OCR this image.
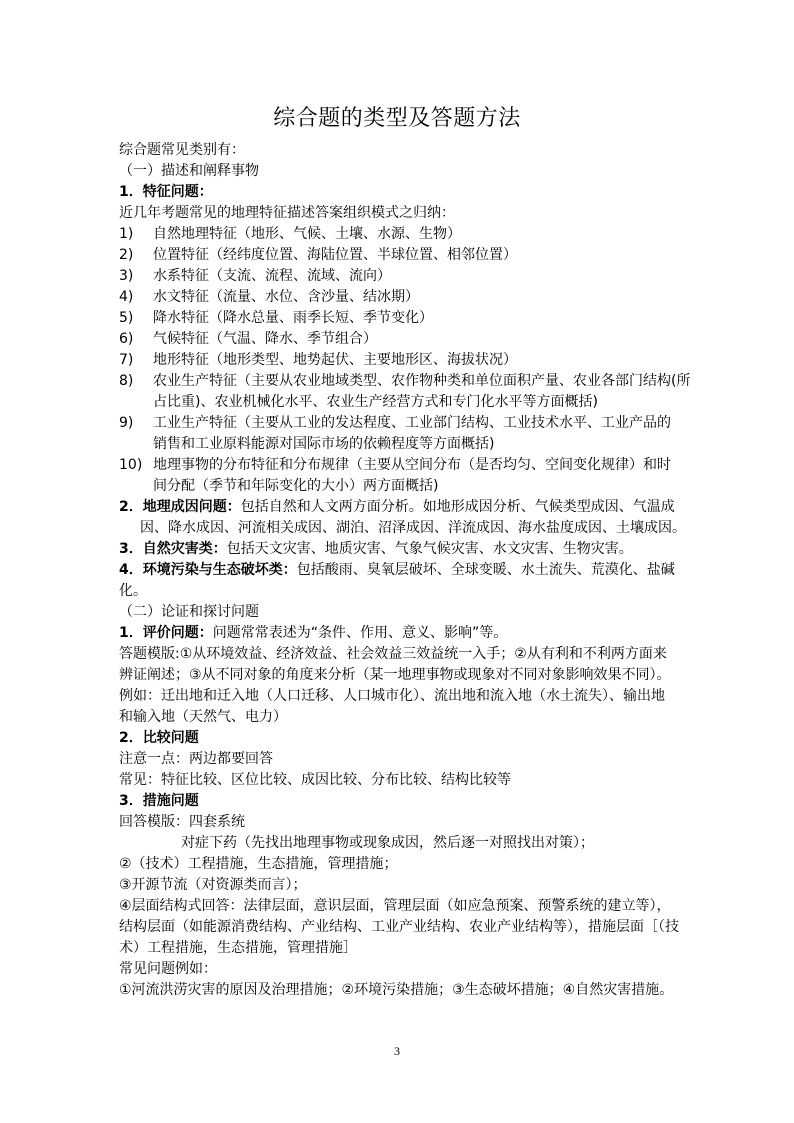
综合题的类型及答题方法
综合题常见类别有：
（一）描述和阐释事物
1．特征问题：
近几年考题常见的地理特征描述答案组织模式之归纳：
1) 自然地理特征（地形、气候、土壤、水源、生物）
2) 位置特征（经纬度位置、海陆位置、半球位置、相邻位置）
3) 水系特征（支流、流程、流域、流向）
4) 水文特征（流量、水位、含沙量、结冰期）
5) 降水特征（降水总量、雨季长短、季节变化）
6) 气候特征（气温、降水、季节组合）
7) 地形特征（地形类型、地势起伏、主要地形区、海拔状况）
8) 农业生产特征（主要从农业地域类型、农作物种类和单位面积产量、农业各部门结构(所
占比重)、农业机械化水平、农业生产经营方式和专门化水平等方面概括)
9) 工业生产特征（主要从工业的发达程度、工业部门结构、工业技术水平、工业产品的
销售和工业原料能源对国际市场的依赖程度等方面概括)
10) 地理事物的分布特征和分布规律（主要从空间分布（是否均匀、空间变化规律）和时
间分配（季节和年际变化的大小）两方面概括)
2．地理成因问题：包括自然和人文两方面分析。如地形成因分析、气候类型成因、气温成
因、降水成因、河流相关成因、湖泊、沼泽成因、洋流成因、海水盐度成因、土壤成因。
3．自然灾害类：包括天文灾害、地质灾害、气象气候灾害、水文灾害、生物灾害。
4．环境污染与生态破坏类：包括酸雨、臭氧层破坏、全球变暖、水土流失、荒漠化、盐碱
化。
（二）论证和探讨问题
1．评价问题：问题常常表述为“条件、作用、意义、影响”等。
答题模版:①从环境效益、经济效益、社会效益三效益统一入手；②从有利和不利两方面来
辨证阐述；③从不同对象的角度来分析（某一地理事物或现象对不同对象影响效果不同）。
例如：迁出地和迁入地（人口迁移、人口城市化）、流出地和流入地（水土流失）、输出地
和输入地（天然气、电力）
2．比较问题
注意一点：两边都要回答
常见：特征比较、区位比较、成因比较、分布比较、结构比较等
3．措施问题
回答模版：四套系统
对症下药（先找出地理事物或现象成因，然后逐一对照找出对策）；
②（技术）工程措施，生态措施，管理措施；
③开源节流（对资源类而言）；
④层面结构式回答：法律层面，意识层面，管理层面（如应急预案、预警系统的建立等），
结构层面（如能源消费结构、产业结构、工业产业结构、农业产业结构等），措施层面［（技
术）工程措施，生态措施，管理措施］
常见问题例如：
①河流洪涝灾害的原因及治理措施；②环境污染措施；③生态破坏措施；④自然灾害措施。
3
